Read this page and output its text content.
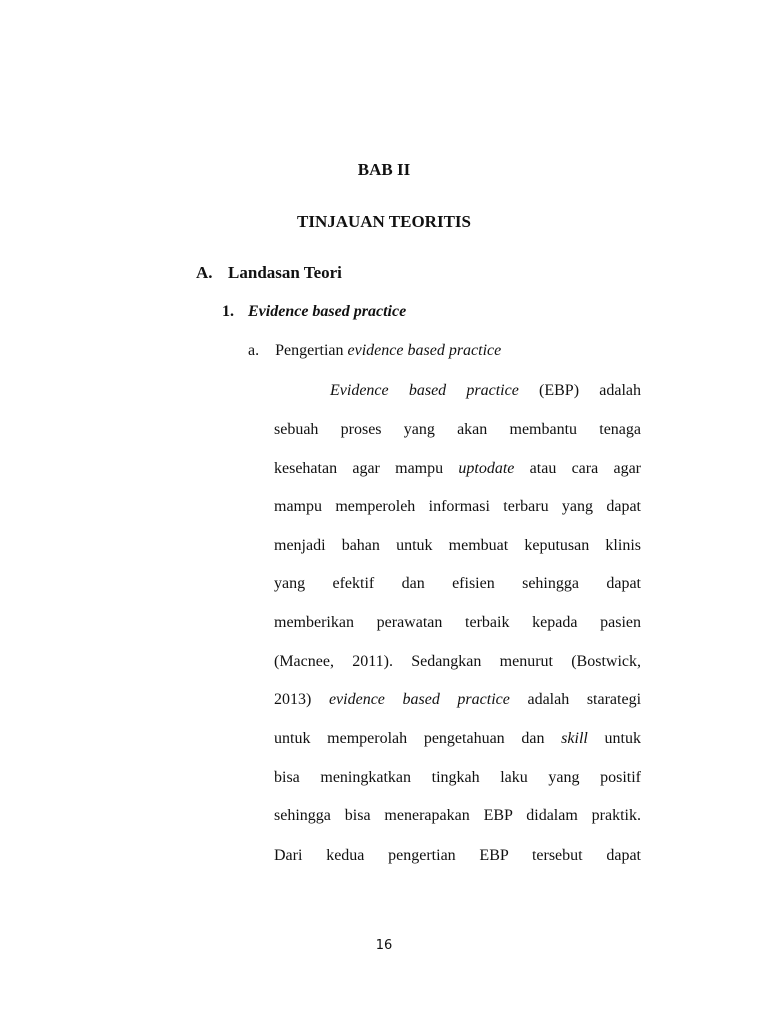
BAB II
TINJAUAN TEORITIS
A. Landasan Teori
1. Evidence based practice
a. Pengertian evidence based practice
Evidence based practice (EBP) adalah
sebuah proses yang akan membantu tenaga
kesehatan agar mampu uptodate atau cara agar
mampu memperoleh informasi terbaru yang dapat
menjadi bahan untuk membuat keputusan klinis
yang efektif dan efisien sehingga dapat
memberikan perawatan terbaik kepada pasien
(Macnee, 2011). Sedangkan menurut (Bostwick,
2013) evidence based practice adalah starategi
untuk memperolah pengetahuan dan skill untuk
bisa meningkatkan tingkah laku yang positif
sehingga bisa menerapakan EBP didalam praktik.
Dari kedua pengertian EBP tersebut dapat
16
